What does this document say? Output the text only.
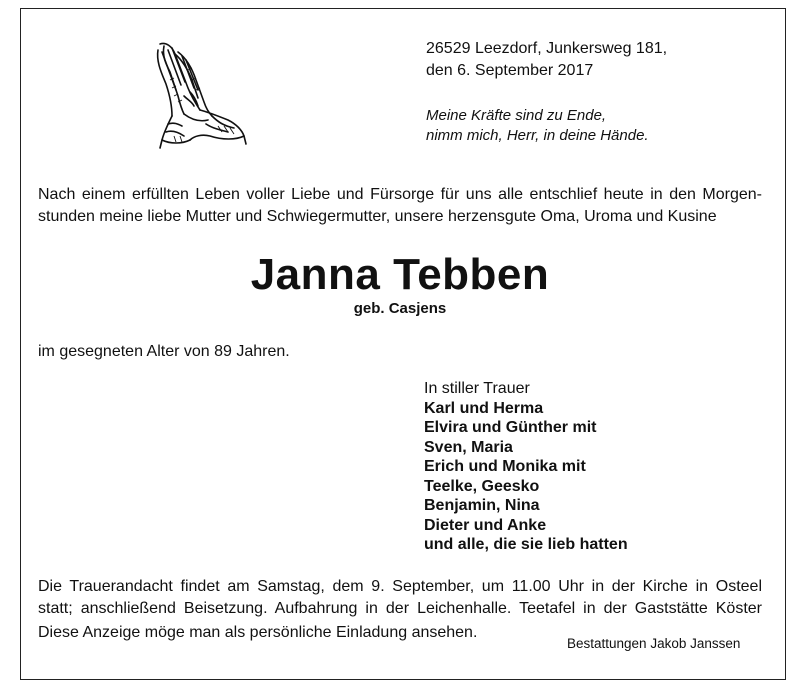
26529 Leezdorf, Junkersweg 181,
den 6. September 2017
Meine Kräfte sind zu Ende,
nimm mich, Herr, in deine Hände.
Nach einem erfüllten Leben voller Liebe und Fürsorge für uns alle entschlief heute in den Morgen-
stunden meine liebe Mutter und Schwiegermutter, unsere herzensgute Oma, Uroma und Kusine
Janna Tebben
geb. Casjens
im gesegneten Alter von 89 Jahren.
In stiller Trauer
Karl und Herma
Elvira und Günther mit
Sven, Maria
Erich und Monika mit
Teelke, Geesko
Benjamin, Nina
Dieter und Anke
und alle, die sie lieb hatten
Die Trauerandacht findet am Samstag, dem 9. September, um 11.00 Uhr in der Kirche in Osteel
statt; anschließend Beisetzung. Aufbahrung in der Leichenhalle. Teetafel in der Gaststätte Köster
Diese Anzeige möge man als persönliche Einladung ansehen.
Bestattungen Jakob Janssen
